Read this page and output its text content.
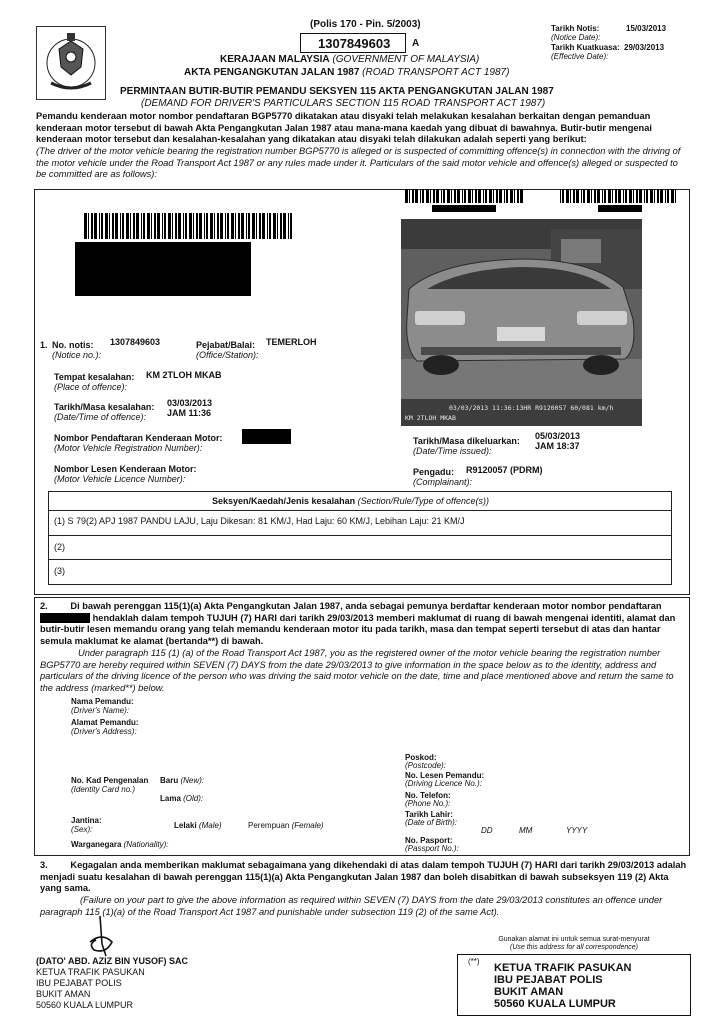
(Polis 170 - Pin. 5/2003)
1307849603 A
Tarikh Notis:
(Notice Date):
15/03/2013
Tarikh Kuatkuasa: 29/03/2013
(Effective Date):
KERAJAAN MALAYSIA (GOVERNMENT OF MALAYSIA)
AKTA PENGANGKUTAN JALAN 1987 (ROAD TRANSPORT ACT 1987)
PERMINTAAN BUTIR-BUTIR PEMANDU SEKSYEN 115 AKTA PENGANGKUTAN JALAN 1987
(DEMAND FOR DRIVER'S PARTICULARS SECTION 115 ROAD TRANSPORT ACT 1987)
Pemandu kenderaan motor nombor pendaftaran BGP5770 dikatakan atau disyaki telah melakukan kesalahan berkaitan dengan pemanduan kenderaan motor tersebut di bawah Akta Pengangkutan Jalan 1987 atau mana-mana kaedah yang dibuat di bawahnya. Butir-butir mengenai kenderaan motor tersebut dan kesalahan-kesalahan yang dikatakan atau disyaki telah dilakukan adalah seperti yang berikut:
(The driver of the motor vehicle bearing the registration number BGP5770 is alleged or is suspected of committing offence(s) in connection with the driving of the motor vehicle under the Road Transport Act 1987 or any rules made under it. Particulars of the said motor vehicle and offence(s) alleged or suspected to be committed are as follows):
03/03/2013 11:36:13HR R9120057 60/081 km/h
KM 2TLOH MKAB
1. No. notis:
(Notice no.):
1307849603	Pejabat/Balai:
(Office/Station):
TEMERLOH
Tempat kesalahan:
(Place of offence):
KM 2TLOH MKAB
Tarikh/Masa kesalahan:
(Date/Time of offence):
03/03/2013
JAM 11:36
Nombor Pendaftaran Kenderaan Motor:
(Motor Vehicle Registration Number):
Nombor Lesen Kenderaan Motor:
(Motor Vehicle Licence Number):
Tarikh/Masa dikeluarkan:
(Date/Time issued):
05/03/2013
JAM 18:37
Pengadu:
(Complainant):
R9120057 (PDRM)
Seksyen/Kaedah/Jenis kesalahan (Section/Rule/Type of offence(s))
(1) S 79(2) APJ 1987 PANDU LAJU, Laju Dikesan: 81 KM/J, Had Laju: 60 KM/J, Lebihan Laju: 21 KM/J
(2)
(3)
2. Di bawah perenggan 115(1)(a) Akta Pengangkutan Jalan 1987, anda sebagai pemunya berdaftar kenderaan motor nombor pendaftaran  hendaklah dalam tempoh TUJUH (7) HARI dari tarikh 29/03/2013 memberi maklumat di ruang di bawah mengenai identiti, alamat dan butir-butir lesen memandu orang yang telah memandu kenderaan motor itu pada tarikh, masa dan tempat seperti tersebut di atas dan hantar semula maklumat ke alamat (bertanda**) di bawah.
Under paragraph 115 (1) (a) of the Road Transport Act 1987, you as the registered owner of the motor vehicle bearing the registration number BGP5770 are hereby required within SEVEN (7) DAYS from the date 29/03/2013 to give information in the space below as to the identity, address and particulars of the driving licence of the person who was driving the said motor vehicle on the date, time and place mentioned above and return the same to the address (marked**) below.
Nama Pemandu:
(Driver's Name):
Alamat Pemandu:
(Driver's Address):
Poskod:
(Postcode):
No. Lesen Pemandu:
(Driving Licence No.):
No. Kad Pengenalan
(Identity Card no.)
Baru (New):
Lama (Old):	No. Telefon:
(Phone No.):
Jantina:
(Sex):	Lelaki (Male)	Perempuan (Female)
Tarikh Lahir:
(Date of Birth):
DD	MM	YYYY
Warganegara (Nationality):	No. Pasport:
(Passport No.):
3. Kegagalan anda memberikan maklumat sebagaimana yang dikehendaki di atas dalam tempoh TUJUH (7) HARI dari tarikh 29/03/2013 adalah menjadi suatu kesalahan di bawah perenggan 115(1)(a) Akta Pengangkutan Jalan 1987 dan boleh disabitkan di bawah subseksyen 119 (2) Akta yang sama.
(Failure on your part to give the above information as required within SEVEN (7) DAYS from the date 29/03/2013 constitutes an offence under paragraph 115 (1)(a) of the Road Transport Act 1987 and punishable under subsection 119 (2) of the same Act).
(DATO' ABD. AZIZ BIN YUSOF) SAC
KETUA TRAFIK PASUKAN
IBU PEJABAT POLIS
BUKIT AMAN
50560 KUALA LUMPUR
Gunakan alamat ini untuk semua surat-menyurat
(Use this address for all correspondence)
(**)
KETUA TRAFIK PASUKAN
IBU PEJABAT POLIS
BUKIT AMAN
50560 KUALA LUMPUR
